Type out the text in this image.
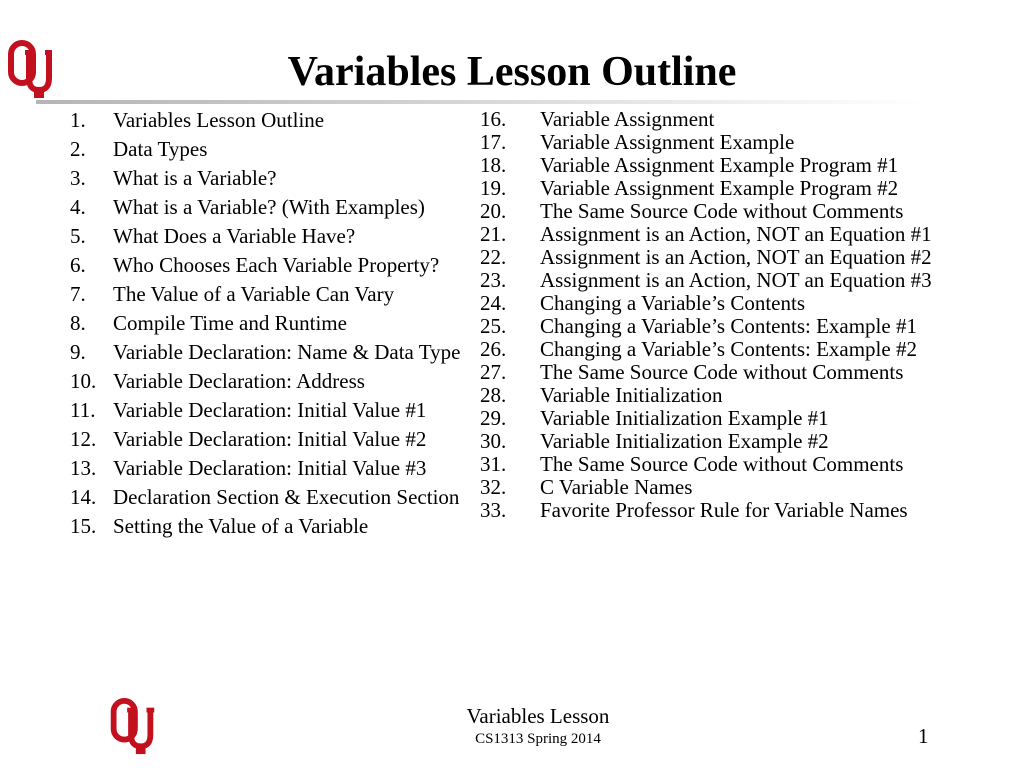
Variables Lesson Outline
1. Variables Lesson Outline
2. Data Types
3. What is a Variable?
4. What is a Variable? (With Examples)
5. What Does a Variable Have?
6. Who Chooses Each Variable Property?
7. The Value of a Variable Can Vary
8. Compile Time and Runtime
9. Variable Declaration: Name & Data Type
10. Variable Declaration: Address
11. Variable Declaration: Initial Value #1
12. Variable Declaration: Initial Value #2
13. Variable Declaration: Initial Value #3
14. Declaration Section & Execution Section
15. Setting the Value of a Variable
16. Variable Assignment
17. Variable Assignment Example
18. Variable Assignment Example Program #1
19. Variable Assignment Example Program #2
20. The Same Source Code without Comments
21. Assignment is an Action, NOT an Equation #1
22. Assignment is an Action, NOT an Equation #2
23. Assignment is an Action, NOT an Equation #3
24. Changing a Variable’s Contents
25. Changing a Variable’s Contents: Example #1
26. Changing a Variable’s Contents: Example #2
27. The Same Source Code without Comments
28. Variable Initialization
29. Variable Initialization Example #1
30. Variable Initialization Example #2
31. The Same Source Code without Comments
32. C Variable Names
33. Favorite Professor Rule for Variable Names
Variables Lesson
CS1313 Spring 2014	1
